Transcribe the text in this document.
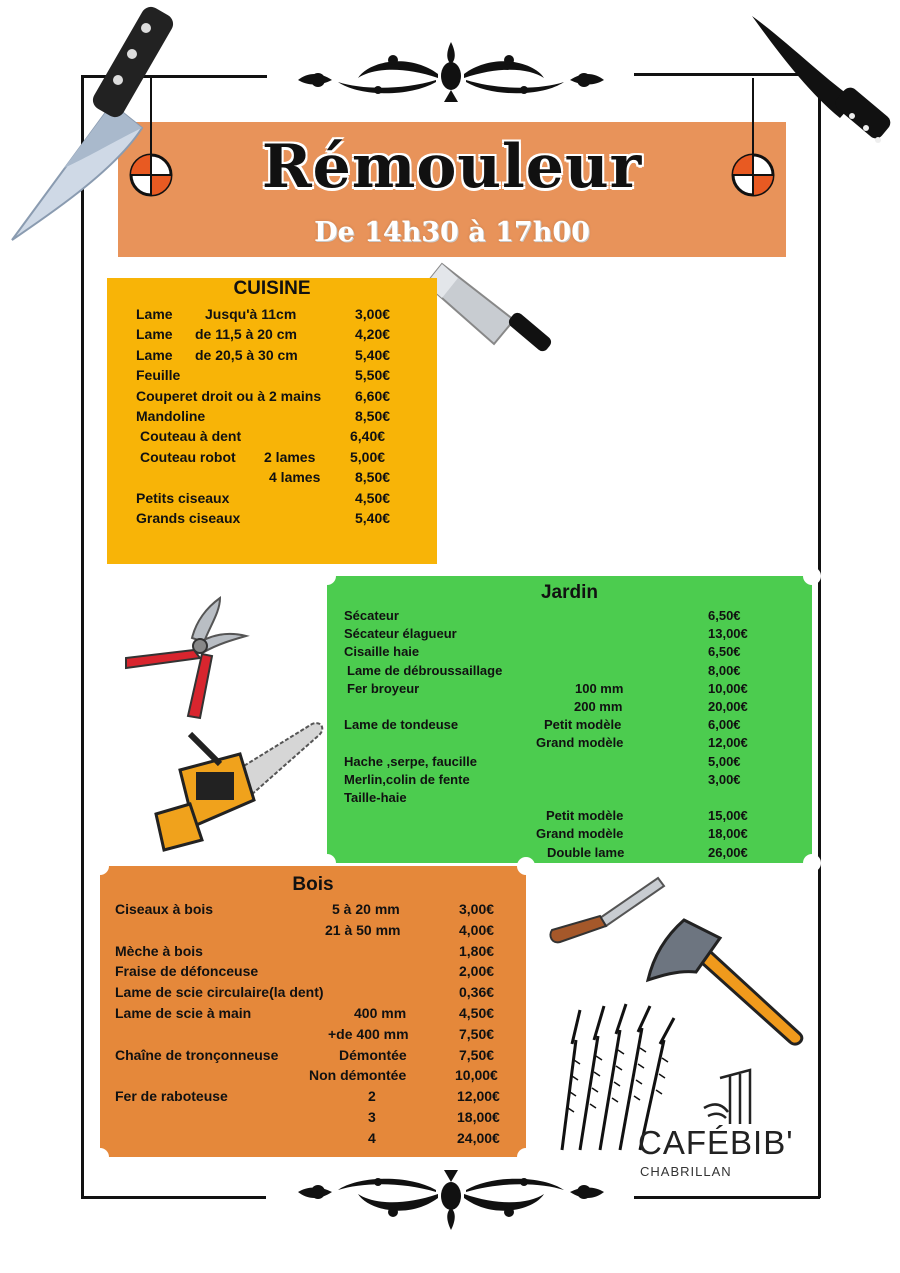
Rémouleur
De 14h30 à 17h00
CUISINE
Lame Jusqu'à 11cm	3,00€
Lame de 11,5 à 20 cm	4,20€
Lame de 20,5 à 30 cm	5,40€
Feuille	5,50€
Couperet droit ou à 2 mains 6,60€
Mandoline	8,50€
Couteau à dent	6,40€
Couteau robot 2 lames 5,00€
4 lames 8,50€
Petits ciseaux	4,50€
Grands ciseaux	5,40€
Jardin
Sécateur	6,50€
Sécateur élagueur	13,00€
Cisaille haie	6,50€
Lame de débroussaillage	8,00€
Fer broyeur	100 mm	10,00€
200 mm	20,00€
Lame de tondeuse	Petit modèle	6,00€
Grand modèle	12,00€
Hache ,serpe, faucille	5,00€
Merlin,colin de fente	3,00€
Taille-haie
Petit modèle	15,00€
Grand modèle	18,00€
Double lame	26,00€
Bois
Ciseaux à bois	5 à 20 mm	3,00€
21 à 50 mm	4,00€
Mèche à bois	1,80€
Fraise de défonceuse	2,00€
Lame de scie circulaire(la dent)	0,36€
Lame de scie à main	400 mm	4,50€
+de 400 mm	7,50€
Chaîne de tronçonneuse	Démontée	7,50€
Non démontée	10,00€
Fer de raboteuse	2	12,00€
3	18,00€
4	24,00€	CAFÉBIB'
CHABRILLAN
